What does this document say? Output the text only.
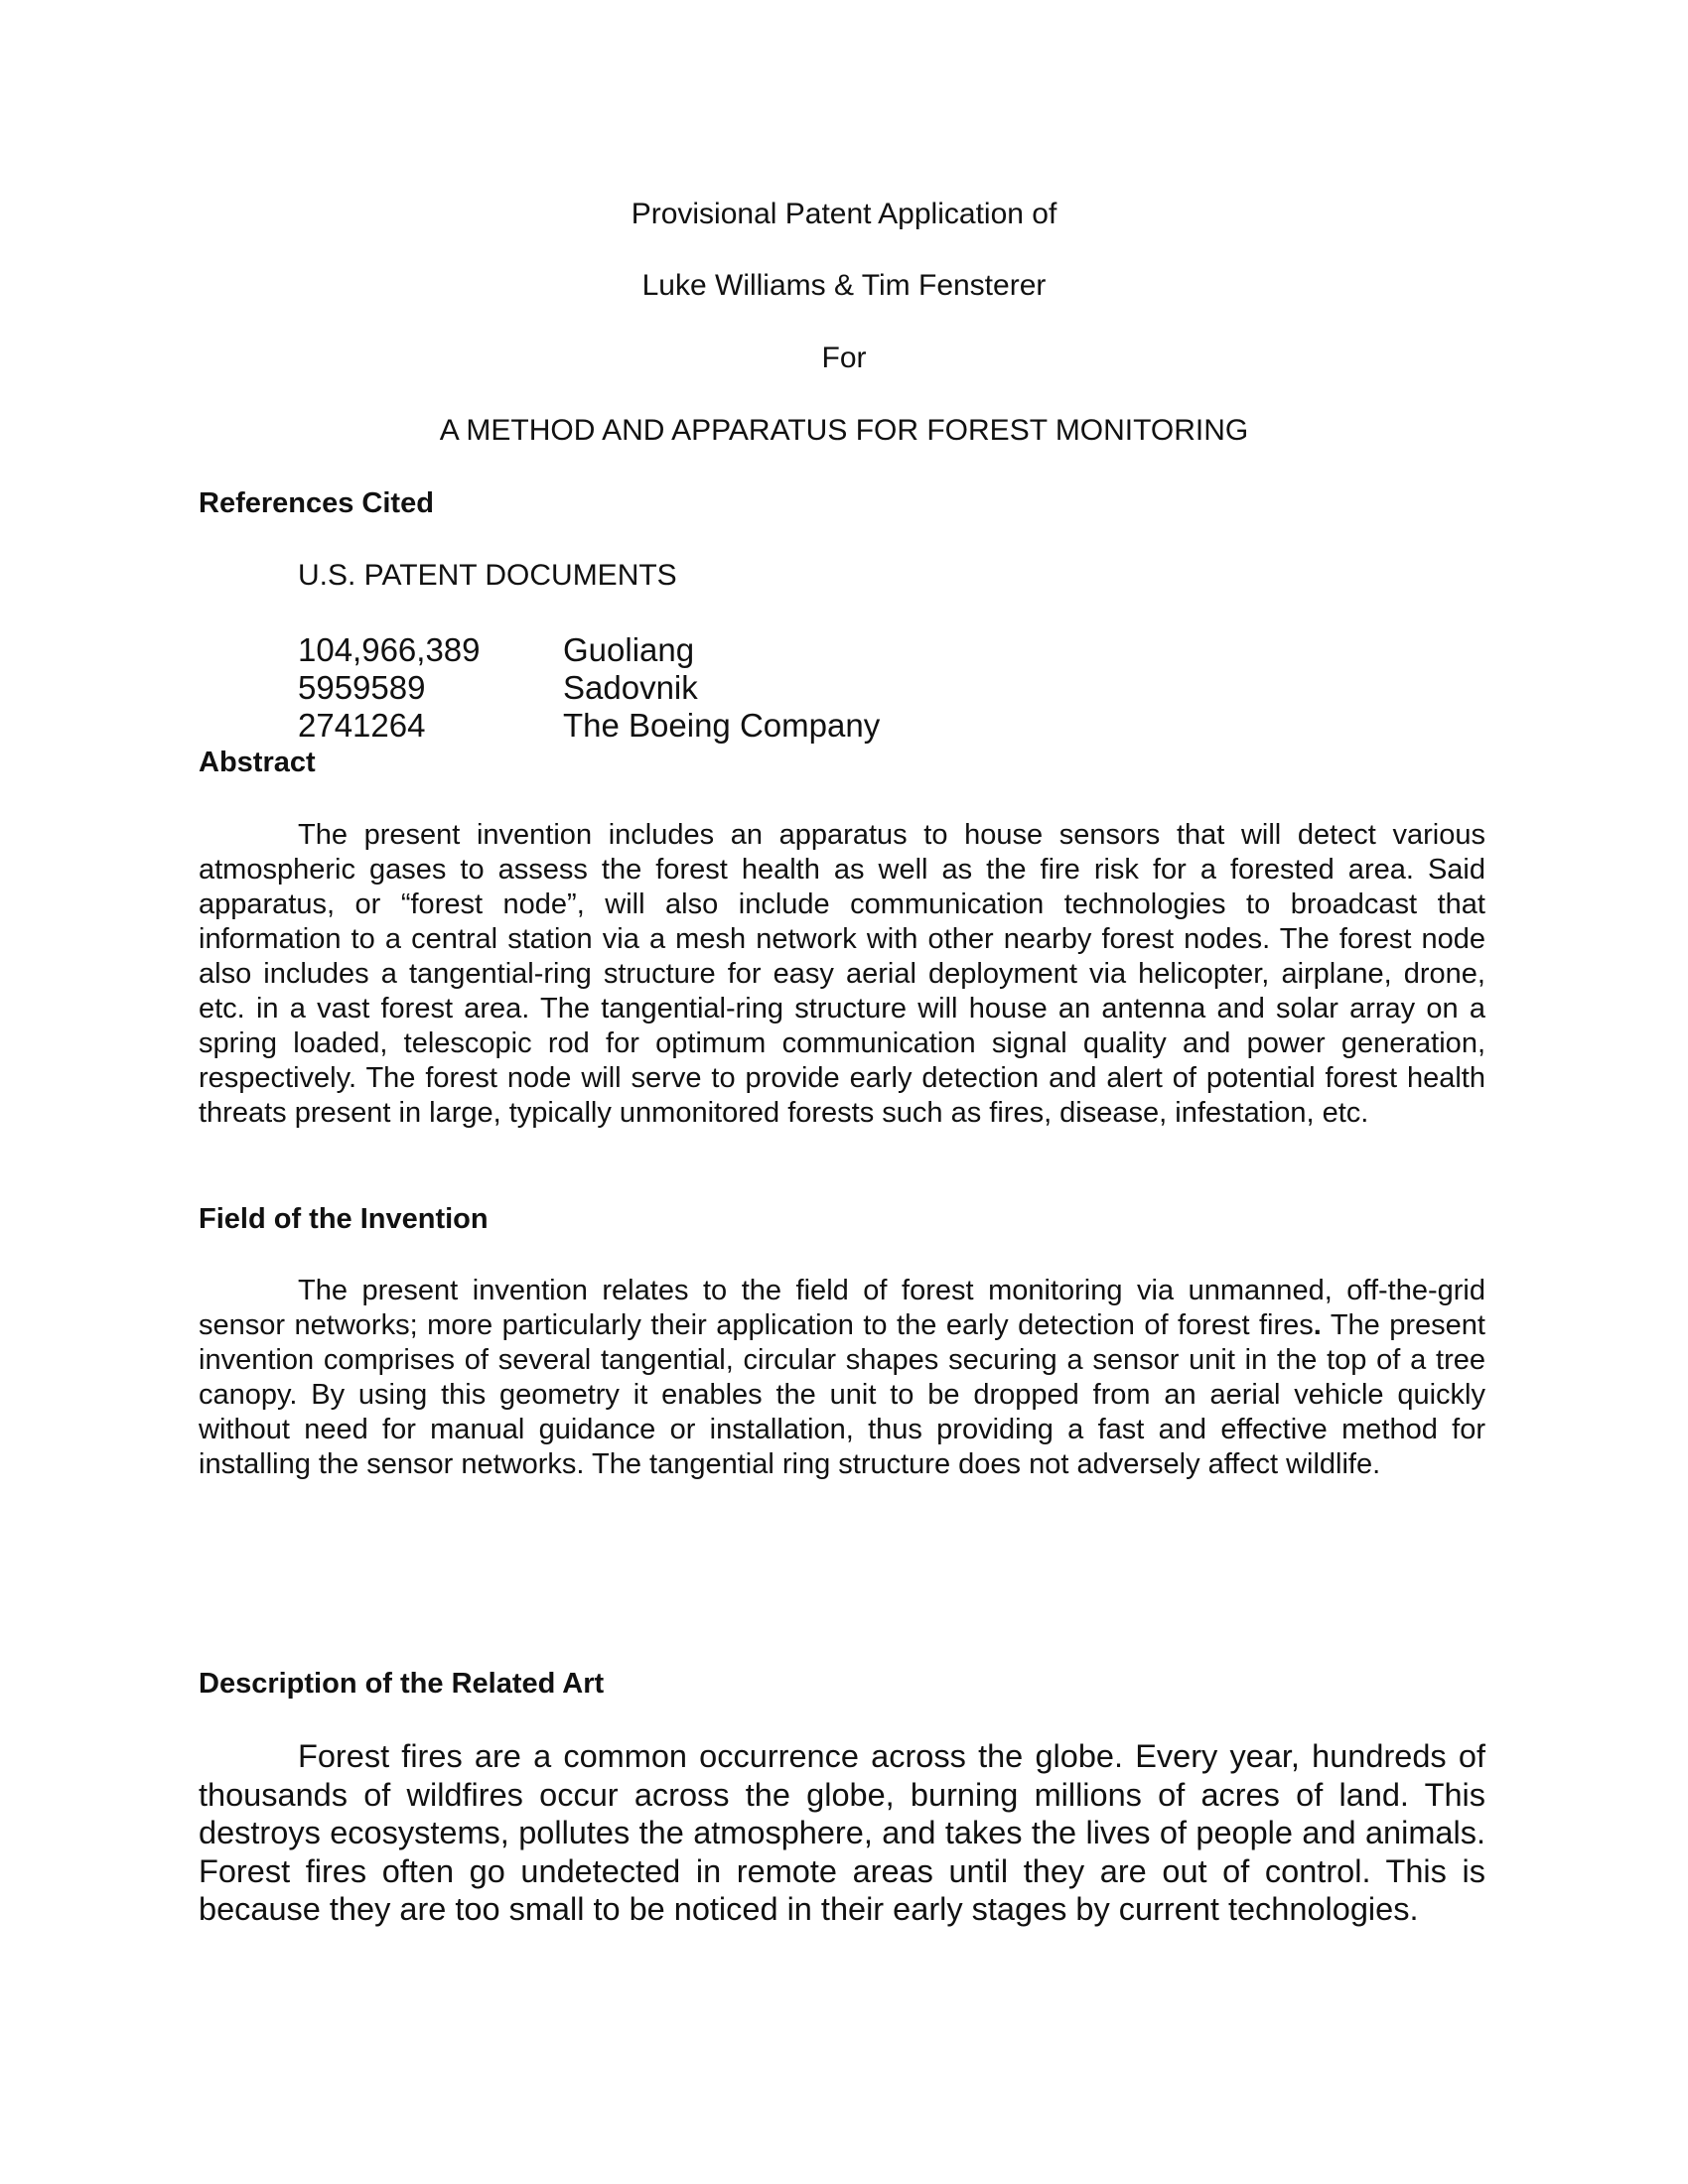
Provisional Patent Application of
Luke Williams & Tim Fensterer
For
A METHOD AND APPARATUS FOR FOREST MONITORING
References Cited
U.S. PATENT DOCUMENTS
104,966,389	Guoliang
5959589	Sadovnik
2741264	The Boeing Company
Abstract

The present invention includes an apparatus to house sensors that will detect various atmospheric gases to assess the forest health as well as the fire risk for a forested area. Said apparatus, or “forest node”, will also include communication technologies to broadcast that information to a central station via a mesh network with other nearby forest nodes. The forest node also includes a tangential-ring structure for easy aerial deployment via helicopter, airplane, drone, etc. in a vast forest area. The tangential-ring structure will house an antenna and solar array on a spring loaded, telescopic rod for optimum communication signal quality and power generation, respectively. The forest node will serve to provide early detection and alert of potential forest health threats present in large, typically unmonitored forests such as fires, disease, infestation, etc.

Field of the Invention

The present invention relates to the field of forest monitoring via unmanned, off-the-grid sensor networks; more particularly their application to the early detection of forest fires. The present invention comprises of several tangential, circular shapes securing a sensor unit in the top of a tree canopy. By using this geometry it enables the unit to be dropped from an aerial vehicle quickly without need for manual guidance or installation, thus providing a fast and effective method for installing the sensor networks. The tangential ring structure does not adversely affect wildlife.

Description of the Related Art

Forest fires are a common occurrence across the globe. Every year, hundreds of thousands of wildfires occur across the globe, burning millions of acres of land. This destroys ecosystems, pollutes the atmosphere, and takes the lives of people and animals. Forest fires often go undetected in remote areas until they are out of control. This is because they are too small to be noticed in their early stages by current technologies.
